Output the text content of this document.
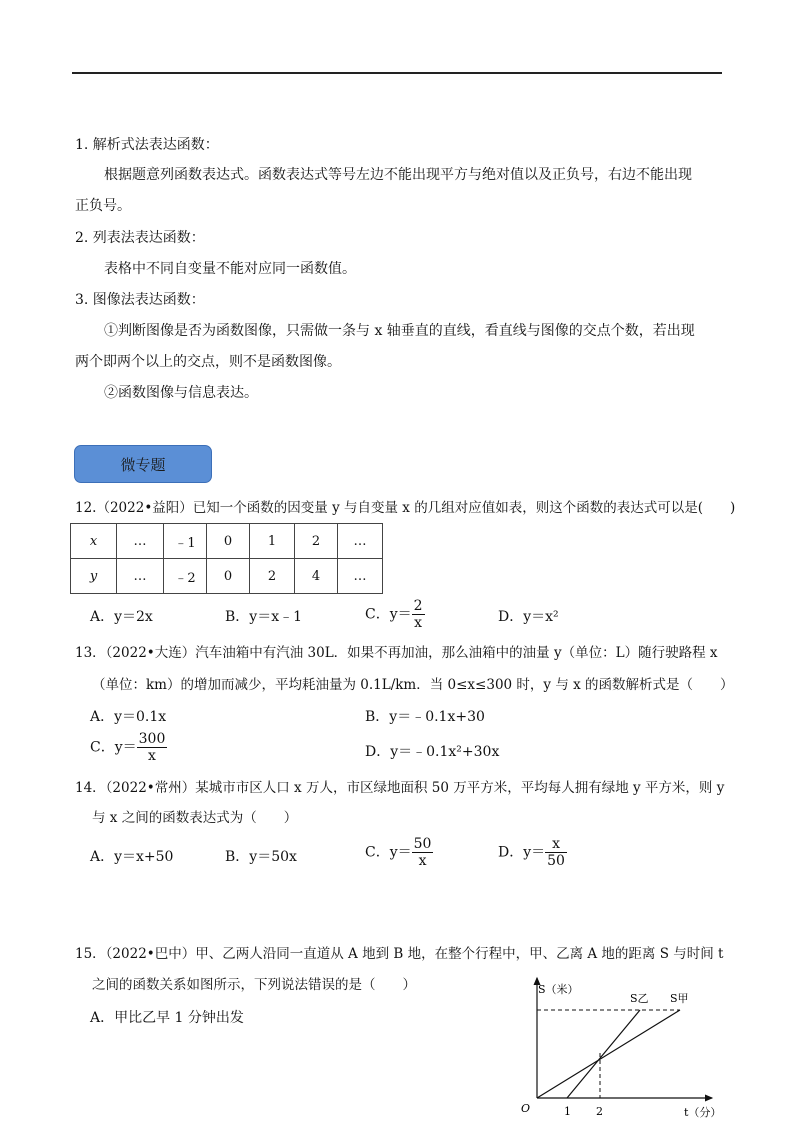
1. 解析式法表达函数：
根据题意列函数表达式。函数表达式等号左边不能出现平方与绝对值以及正负号，右边不能出现
正负号。
2. 列表法表达函数：
表格中不同自变量不能对应同一函数值。
3. 图像法表达函数：
①判断图像是否为函数图像，只需做一条与 x 轴垂直的直线，看直线与图像的交点个数，若出现
两个即两个以上的交点，则不是函数图像。
②函数图像与信息表达。
微专题
12.（2022•益阳）已知一个函数的因变量 y 与自变量 x 的几组对应值如表，则这个函数的表达式可以是(　　)
x	…	﹣1	0	1	2	…
y	…	﹣2	0	2	4	…
A．y＝2x	B．y＝x﹣1	C．$y= \frac{2}{x}$	D．y＝x²
13．（2022•大连）汽车油箱中有汽油 30L．如果不再加油，那么油箱中的油量 y（单位：L）随行驶路程 x
（单位：km）的增加而减少，平均耗油量为 0.1L/km．当 0≤x≤300 时，y 与 x 的函数解析式是（　　）
A．y＝0.1x	B．y＝﹣0.1x+30
C．$y= \frac{300}{x}$	D．y＝﹣0.1x²+30x
14．（2022•常州）某城市市区人口 x 万人，市区绿地面积 50 万平方米，平均每人拥有绿地 y 平方米，则 y
与 x 之间的函数表达式为（　　）
A．y＝x+50	B．y＝50x	C．$y= \frac{50}{x}$	D．$y= \frac{x}{50}$
15．（2022•巴中）甲、乙两人沿同一直道从 A 地到 B 地，在整个行程中，甲、乙离 A 地的距离 S 与时间 t
之间的函数关系如图所示，下列说法错误的是（　　）
A．甲比乙早 1 分钟出发
S（米）
t（分）
O	1 2
S乙 S甲
